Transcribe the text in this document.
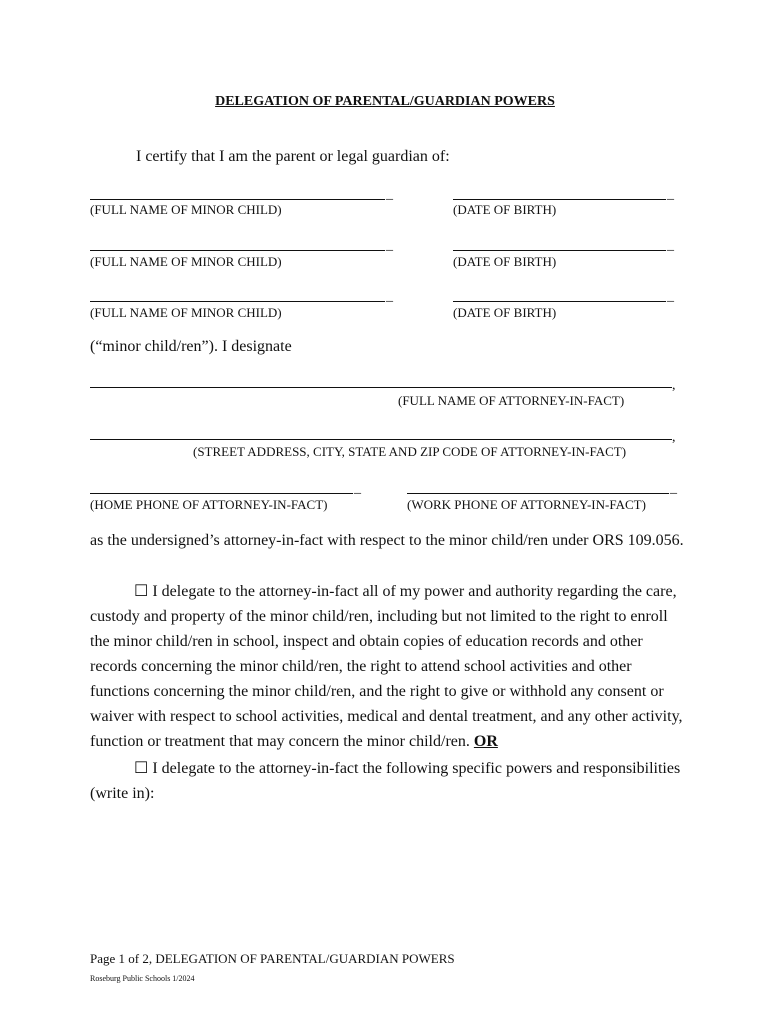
DELEGATION OF PARENTAL/GUARDIAN POWERS
I certify that I am the parent or legal guardian of:
_	_
(FULL NAME OF MINOR CHILD)	(DATE OF BIRTH)
_	_
(FULL NAME OF MINOR CHILD)	(DATE OF BIRTH)
_	_
(FULL NAME OF MINOR CHILD)	(DATE OF BIRTH)
(“minor child/ren”). I designate
,
(FULL NAME OF ATTORNEY-IN-FACT)
,
(STREET ADDRESS, CITY, STATE AND ZIP CODE OF ATTORNEY-IN-FACT)
_	_
(HOME PHONE OF ATTORNEY-IN-FACT)	(WORK PHONE OF ATTORNEY-IN-FACT)
as the undersigned’s attorney-in-fact with respect to the minor child/ren under ORS 109.056.
☐ I delegate to the attorney-in-fact all of my power and authority regarding the care, custody and property of the minor child/ren, including but not limited to the right to enroll the minor child/ren in school, inspect and obtain copies of education records and other records concerning the minor child/ren, the right to attend school activities and other functions concerning the minor child/ren, and the right to give or withhold any consent or waiver with respect to school activities, medical and dental treatment, and any other activity, function or treatment that may concern the minor child/ren. OR
☐ I delegate to the attorney-in-fact the following specific powers and responsibilities (write in):
Page 1 of 2, DELEGATION OF PARENTAL/GUARDIAN POWERS
Roseburg Public Schools 1/2024
